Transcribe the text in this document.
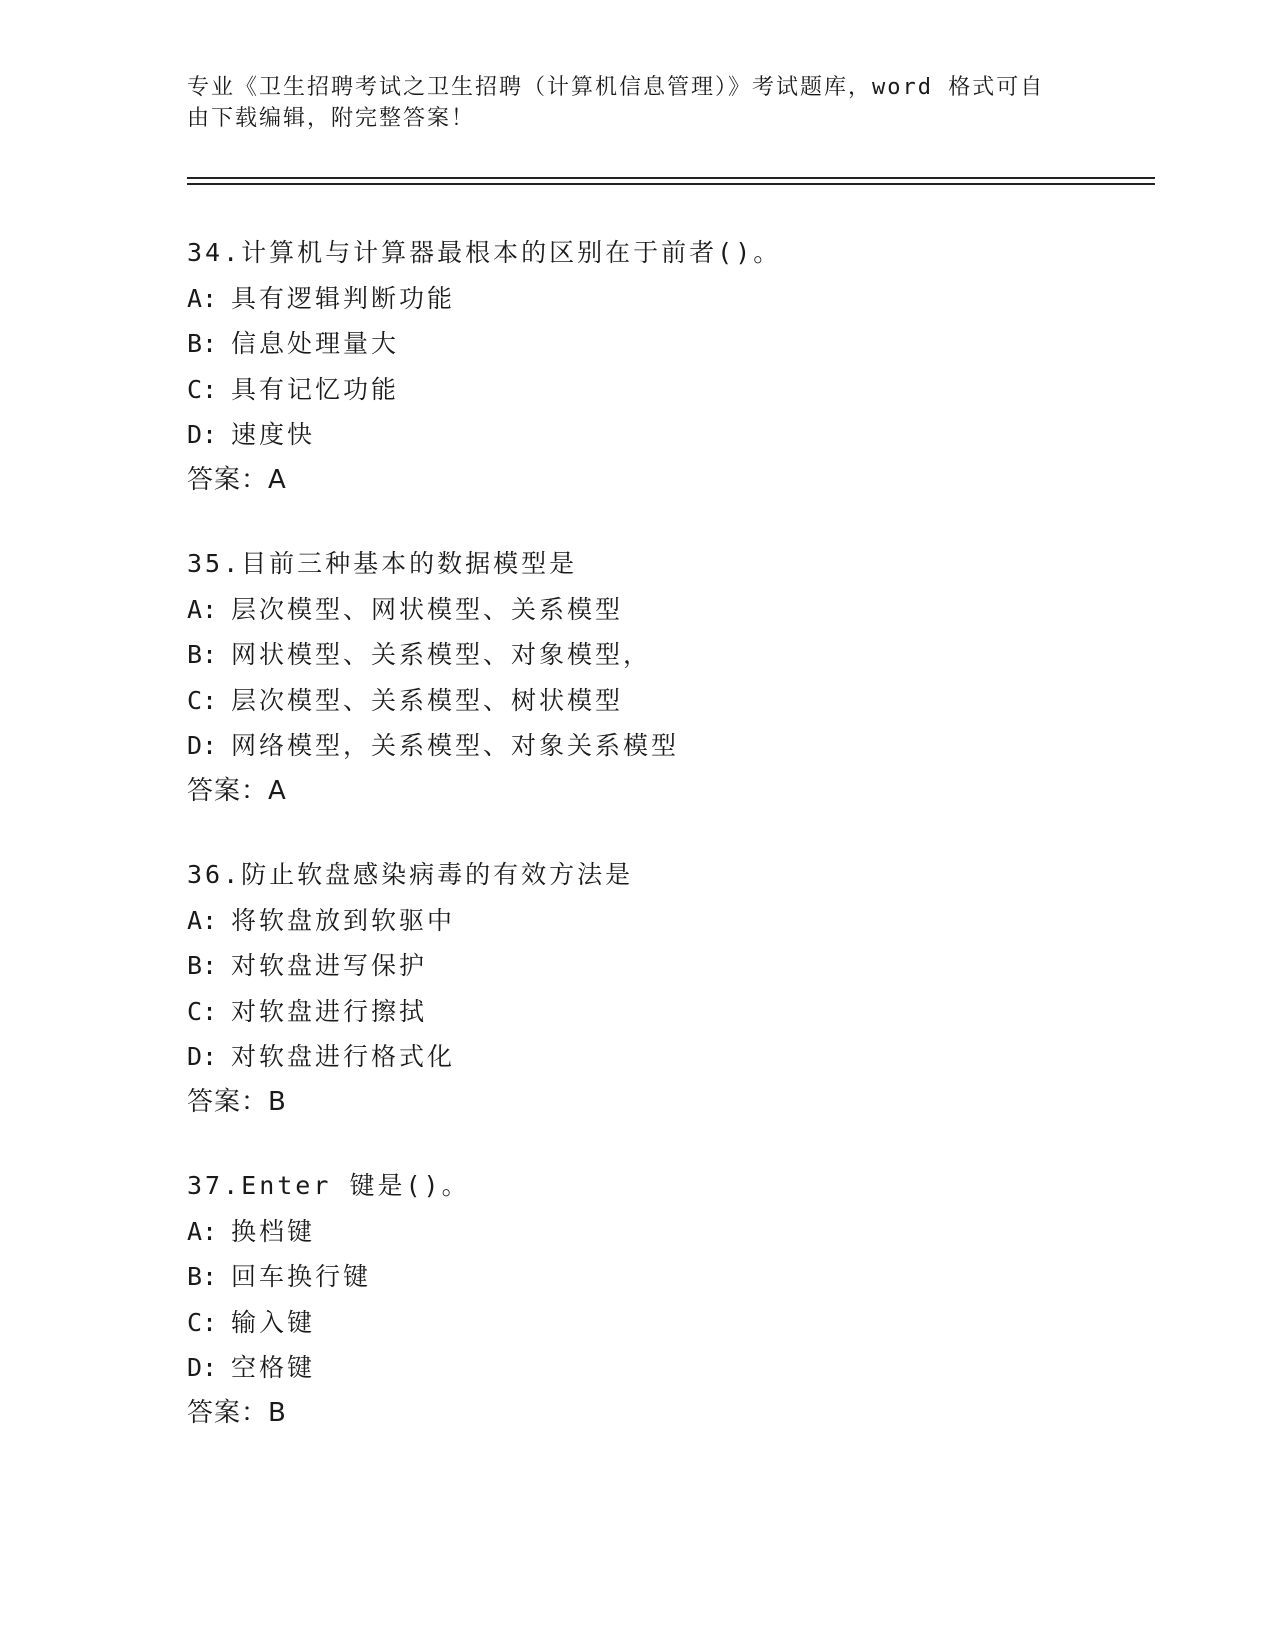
专业《卫生招聘考试之卫生招聘（计算机信息管理）》考试题库，word 格式可自
由下载编辑，附完整答案！
34.计算机与计算器最根本的区别在于前者()。
A: 具有逻辑判断功能
B: 信息处理量大
C: 具有记忆功能
D: 速度快
答案：A
35.目前三种基本的数据模型是
A: 层次模型、网状模型、关系模型
B: 网状模型、关系模型、对象模型，
C: 层次模型、关系模型、树状模型
D: 网络模型，关系模型、对象关系模型
答案：A
36.防止软盘感染病毒的有效方法是
A: 将软盘放到软驱中
B: 对软盘进写保护
C: 对软盘进行擦拭
D: 对软盘进行格式化
答案：B
37.Enter 键是()。
A: 换档键
B: 回车换行键
C: 输入键
D: 空格键
答案：B
